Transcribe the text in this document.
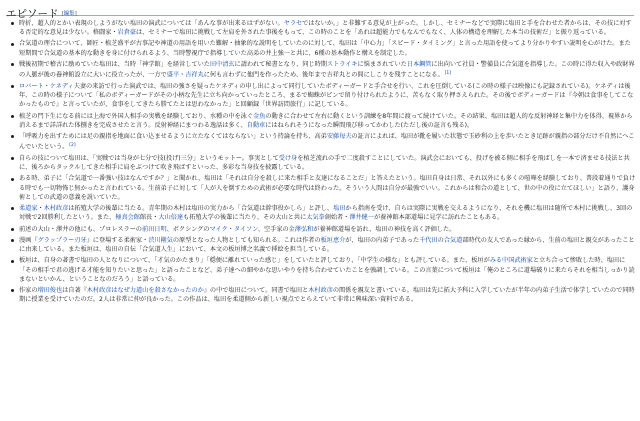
エピソード [編集]
時折、超人的とかい表現のしようがない塩田の演武については「あんな事が出来るはずがない。ヤラセではないか。」と非難する意見が上がった。しかし、セミナーなどで実際に塩田と手を合わせた者からは、その技に対する否定的な意見は少ない。格闘家・岩倉豪は、セミナーで塩田に挑戦して左肩を外された事後をもって、この時のことを「あれは超能力でもなんでもなく、人体の構造を理解した本当の技術だ」と振り返っている。
合気道の理合について、師匠・植芝盛平が古事記や神道の用語を用いた難解・抽象的な説明をしていたのに対して、塩田は「中心力」「スピード・タイミング」と言った用語を使ってより分かりやすい説明を心がけた。また短期間で合気道の基本的な動きを身に付けられるよう、当時警視庁で指導していた高弟の井上強一と共に、6種の基本動作と構えを制定した。
戦後初期で稽古に励めていた塩田は、当時「神学館」を経営していた田中清玄に請われて秘書となり、同じ時期ストライキに悩まされていた日本鋼管に出向いて社員・警備員に合気道を指導した。この時に得た収入や政財界の人脈が後の養神館設立に大いに役立ったが、一方で盛平・吉祥丸に何も言わずに他門を作ったため、後年まで吉祥丸との間にしこりを残すことになる。[1]
ロバート・ケネディ夫妻の来訪で行った演武では、塩田の強さを疑ったケネディの申し出によって同行していたボディーガードと手合せを行い、これを圧倒している(この時の様子は映像にも記録されている)。ケネディは後年、この時の様子について「私のボディーガードがその小柄な先生に立ち向かっていったところ、まるで蜘蛛がピンで留り付けられたように、苦もなく取り押さえられた。その後でボディーガードは『今朝は食事をしてこなかったもので』と言っていたが、食事をしてきたら勝てたとは思わなかった」と回顧録「世界訪問旅行」に記している。
植芝の門下生になる前には上海で外国人相手の実戦を経験しており、水種の中を泳ぐ金魚の動きに合わせて左右に動くという訓練を8年間に渡って続けていた。その結果、塩田は超人的な反射神経と集中力を体得、視界から消えるまで詳詳れた体捌きを完成させたと言う。反射神経にまつわる逸話は多く、自動車にはねられそうになった瞬間飛び移ってかわした(ただし後の証言も残る)。
「呼吸力を出すためには足の親指を地面に食い込ませるように立たなくてはならない」という持論を持ち、高弟安藤毎夫の証言によれば、塩田が靴を履いた状態で玉砂利の上を歩いたとき足跡が親指の部分だけ不自然にへこんでいたという。[2]
自らの技について塩田は、「実戦では当身が七分で技(投げ)三分」というモットー。事実として受け身を植芝流れの手で二度殺すことにしていた。演武会においても、投げを被る側に相手を飛ばしを一本で済ませる技法と共に、後ろからタックルしてきた相手に肩をぶつけて吹き飛ばすといった、多彩な当身技を披露している。
ある時、弟子に「合気道で一番強い技はなんですか？」と聞かれ、塩田は「それは自分を殺しに来た相手と友達になることだ」と答えたという。塩田自身は日常、それ以外にも多くの喧嘩を経験しており、普段着通りで負ける時でも一切物怖じ無かったと言われている。生前弟子に対して「人が人を倒すための武術が必要な時代は終わった。そういう人間は自分が最強でいい。これからは和合の道として、世の中の役に立てほしい」と語り、護身術としての武道の意義を説いていた。
柔道家・木村政彦は拓殖大学の後輩に当たる。青年期の木村は塩田の実力から「合気道は幹事役かしら」と評し、塩田から指南を受け、自らは実際に実戦を交えるようになり、それを機に塩田は随所で木村に挑戦し、3回の対戦で2回勝利したという。また、極真会館館長・大山倍達も拓殖大学の後輩に当たり、その大山と共に太気拳創始者・澤井健一が養神館本部道場に見学に訪れたこともある。
前述の大山・澤井の他にも、プロレスラーの前田日明、ボクシングのマイク・タイソン、空手家の金澤弘和が養神館道場を訪れ、塩田の神技を高く評価した。
漫画『グラップラー刃牙』に登場する柔術家・渋川剛気の原型となった人物としても知られる。これは作者の板垣恵介が、塩田の内弟子であった千代田の合気道部時代の友人であった縁から、生前の塩田と親交があったことに由来している。また板垣は、塩田の自伝「合気道人生」において、本文の板垣博之名義で挿絵を担当している。
板垣は、自身の著書で塩田の人となりについて、「才気のかたまり」「穏便に離れていった感じ」をしていたと評しており、「中学生の様な」とも評している。また、板垣がみる中国武術家と立ち合って惨敗した時、塩田に「その相手で君の逃げる才能を知りたいと思った」と語ったことなど、弟子達への細やかな思いやりを持ち合わせていたことを強調している。この言葉について板垣は「俺のところに道場破りに来たらそれを相当しっかり読まないといかん、ということなのだろう」と語っている。
作家の増田俊也は自著『木村政彦はなぜ力道山を殺さなかったのか』の中で塩田について。同書で塩田と木村政彦の関係を親友と書いている。塩田は先に拓大予科に入学していたが半年の内弟子生活で体学していたので同時期に授業を受けていたのだ。2人は非常に仲が良かった。この作品は、塩田を柔道側から新しい視点でとらえていて非常に興味深い資料である。
